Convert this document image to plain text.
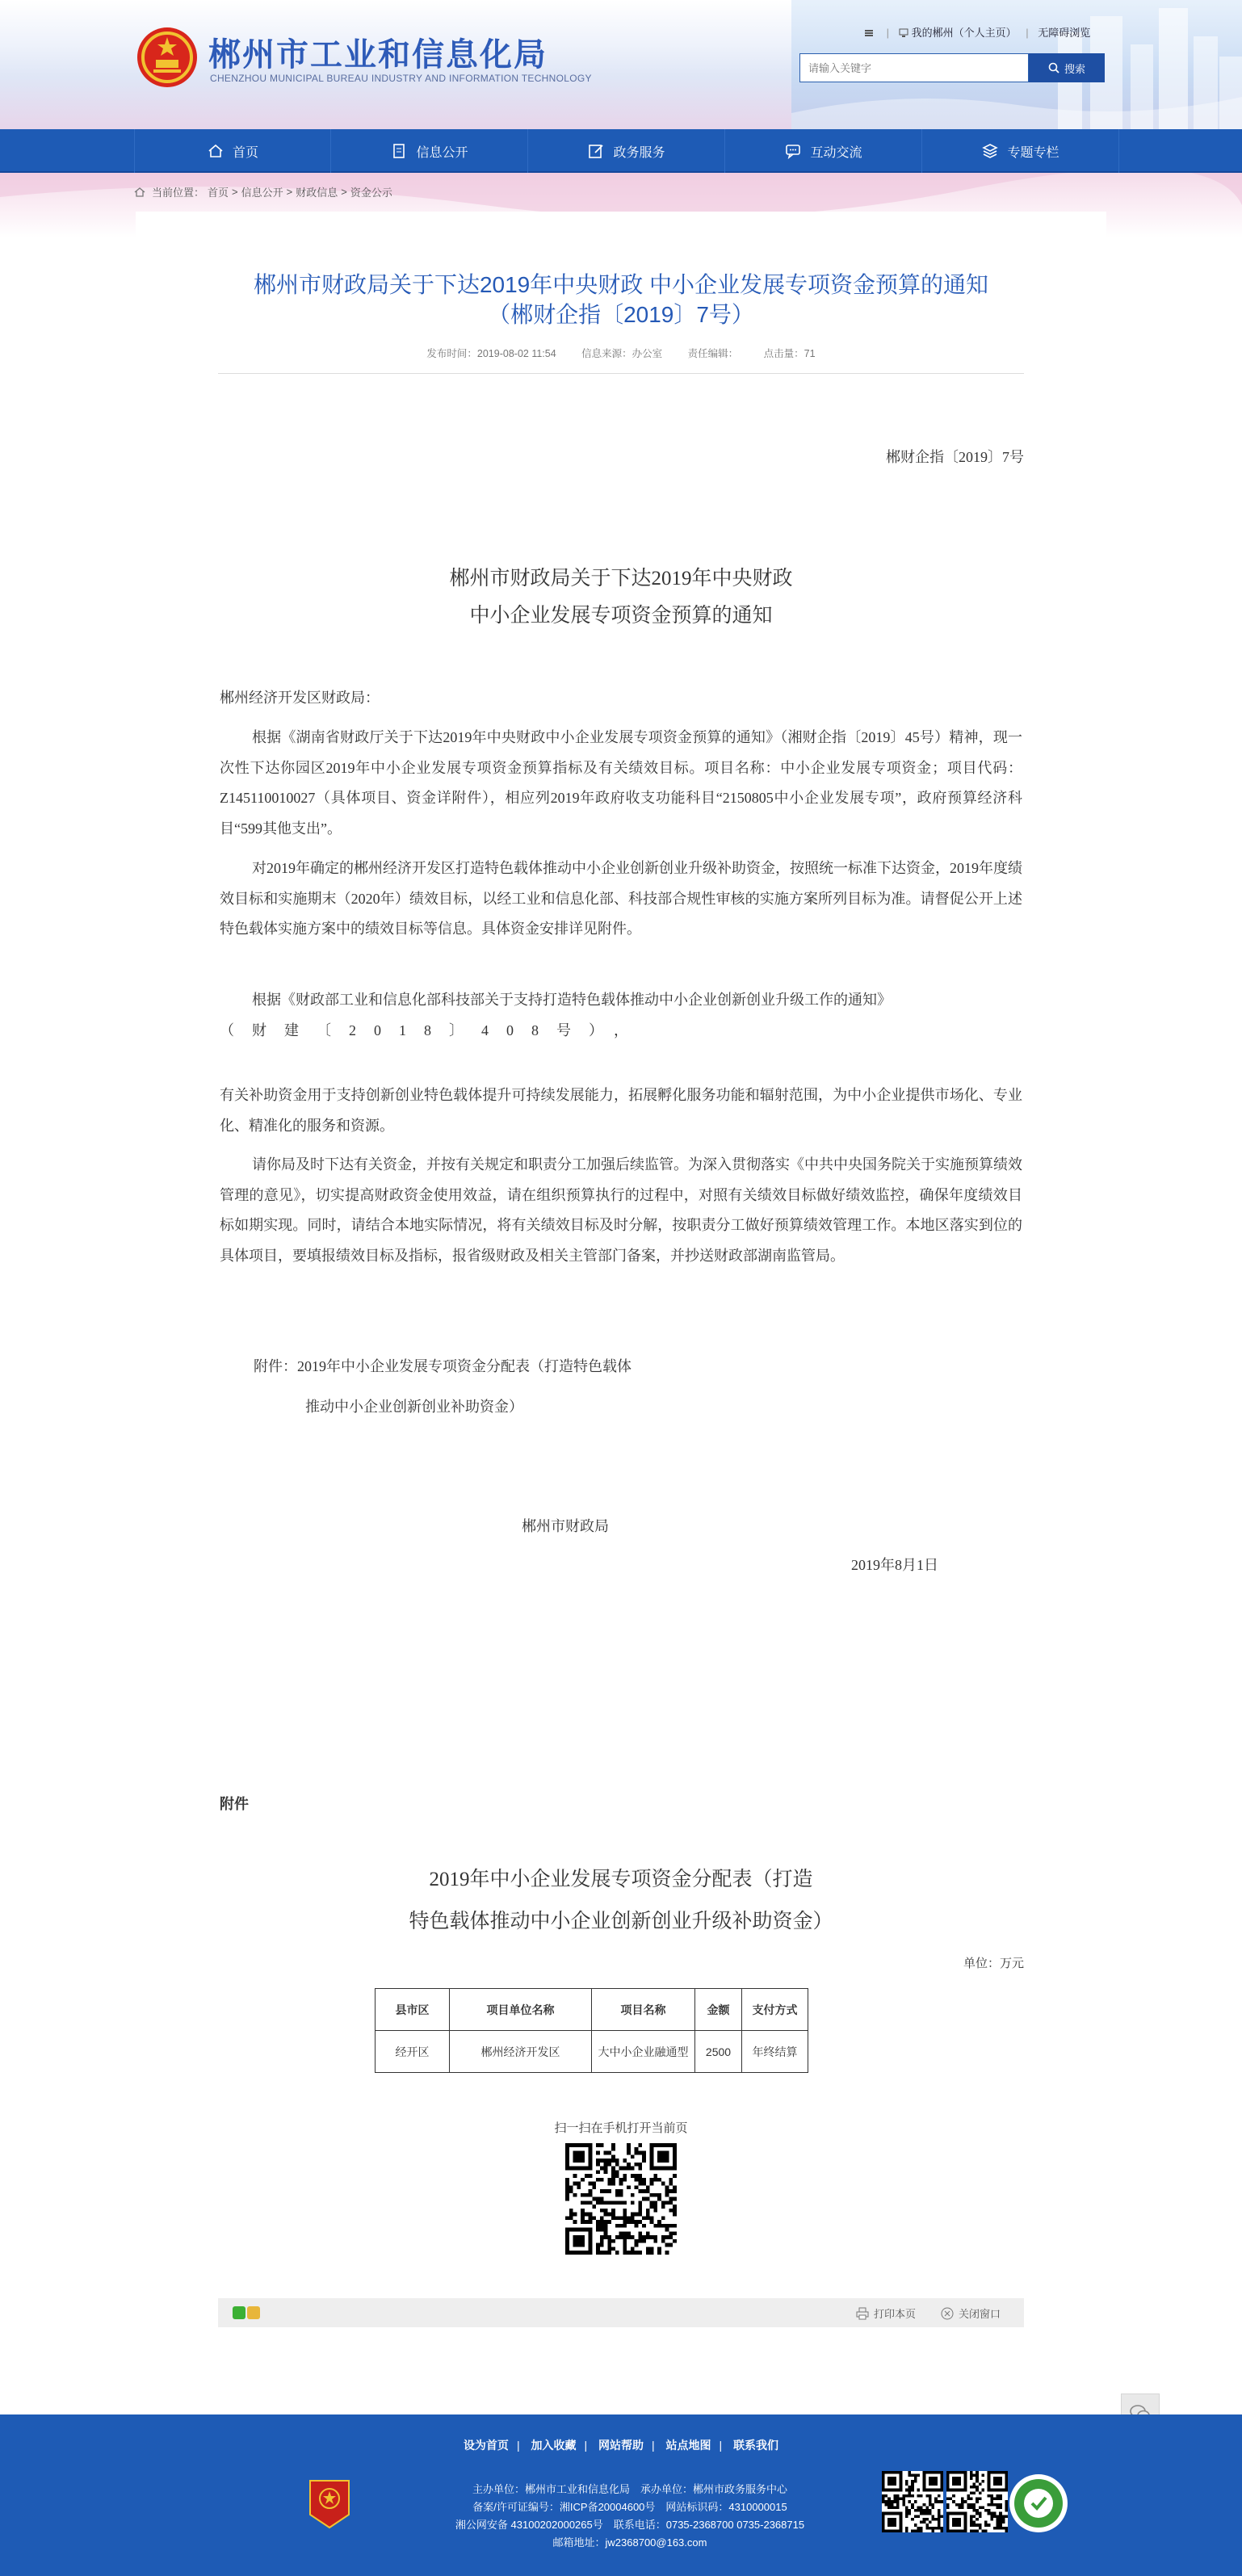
郴州市工业和信息化局
CHENZHOU MUNICIPAL BUREAU INDUSTRY AND INFORMATION TECHNOLOGY
| 我的郴州（个人主页） | 无障碍浏览
请输入关键字
搜索
首页	信息公开	政务服务	互动交流	专题专栏
当前位置： 首页 > 信息公开 > 财政信息 > 资金公示
郴州市财政局关于下达2019年中央财政 中小企业发展专项资金预算的通知
（郴财企指〔2019〕7号）
发布时间：2019-08-02 11:54	信息来源：办公室	责任编辑：	点击量：71
郴财企指〔2019〕7号
郴州市财政局关于下达2019年中央财政
中小企业发展专项资金预算的通知
郴州经济开发区财政局：
根据《湖南省财政厅关于下达2019年中央财政中小企业发展专项资金预算的通知》（湘财企指〔2019〕45号）精神，现一次性下达你园区2019年中小企业发展专项资金预算指标及有关绩效目标。项目名称：中小企业发展专项资金；项目代码：Z145110010027（具体项目、资金详附件），相应列2019年政府收支功能科目“2150805中小企业发展专项”，政府预算经济科目“599其他支出”。
对2019年确定的郴州经济开发区打造特色载体推动中小企业创新创业升级补助资金，按照统一标准下达资金，2019年度绩效目标和实施期末（2020年）绩效目标，以经工业和信息化部、科技部合规性审核的实施方案所列目标为准。请督促公开上述特色载体实施方案中的绩效目标等信息。具体资金安排详见附件。
根据《财政部工业和信息化部科技部关于支持打造特色载体推动中小企业创新创业升级工作的通知》
（财建〔2018〕408号），
有关补助资金用于支持创新创业特色载体提升可持续发展能力，拓展孵化服务功能和辐射范围，为中小企业提供市场化、专业化、精准化的服务和资源。
请你局及时下达有关资金，并按有关规定和职责分工加强后续监管。为深入贯彻落实《中共中央国务院关于实施预算绩效管理的意见》，切实提高财政资金使用效益，请在组织预算执行的过程中，对照有关绩效目标做好绩效监控，确保年度绩效目标如期实现。同时，请结合本地实际情况，将有关绩效目标及时分解，按职责分工做好预算绩效管理工作。本地区落实到位的具体项目，要填报绩效目标及指标，报省级财政及相关主管部门备案，并抄送财政部湖南监管局。
附件：2019年中小企业发展专项资金分配表（打造特色载体
推动中小企业创新创业补助资金）
郴州市财政局
2019年8月1日
附件
2019年中小企业发展专项资金分配表（打造
特色载体推动中小企业创新创业升级补助资金）
单位：万元
县市区	项目单位名称	项目名称	金额	支付方式
经开区	郴州经济开发区	大中小企业融通型	2500	年终结算
扫一扫在手机打开当前页
打印本页	关闭窗口
设为首页 | 加入收藏 | 网站帮助 | 站点地图 | 联系我们
主办单位：郴州市工业和信息化局　承办单位：郴州市政务服务中心
备案/许可证编号：湘ICP备20004600号　网站标识码：4310000015
湘公网安备 43100202000265号　联系电话：0735-2368700 0735-2368715
邮箱地址：jw2368700@163.com
